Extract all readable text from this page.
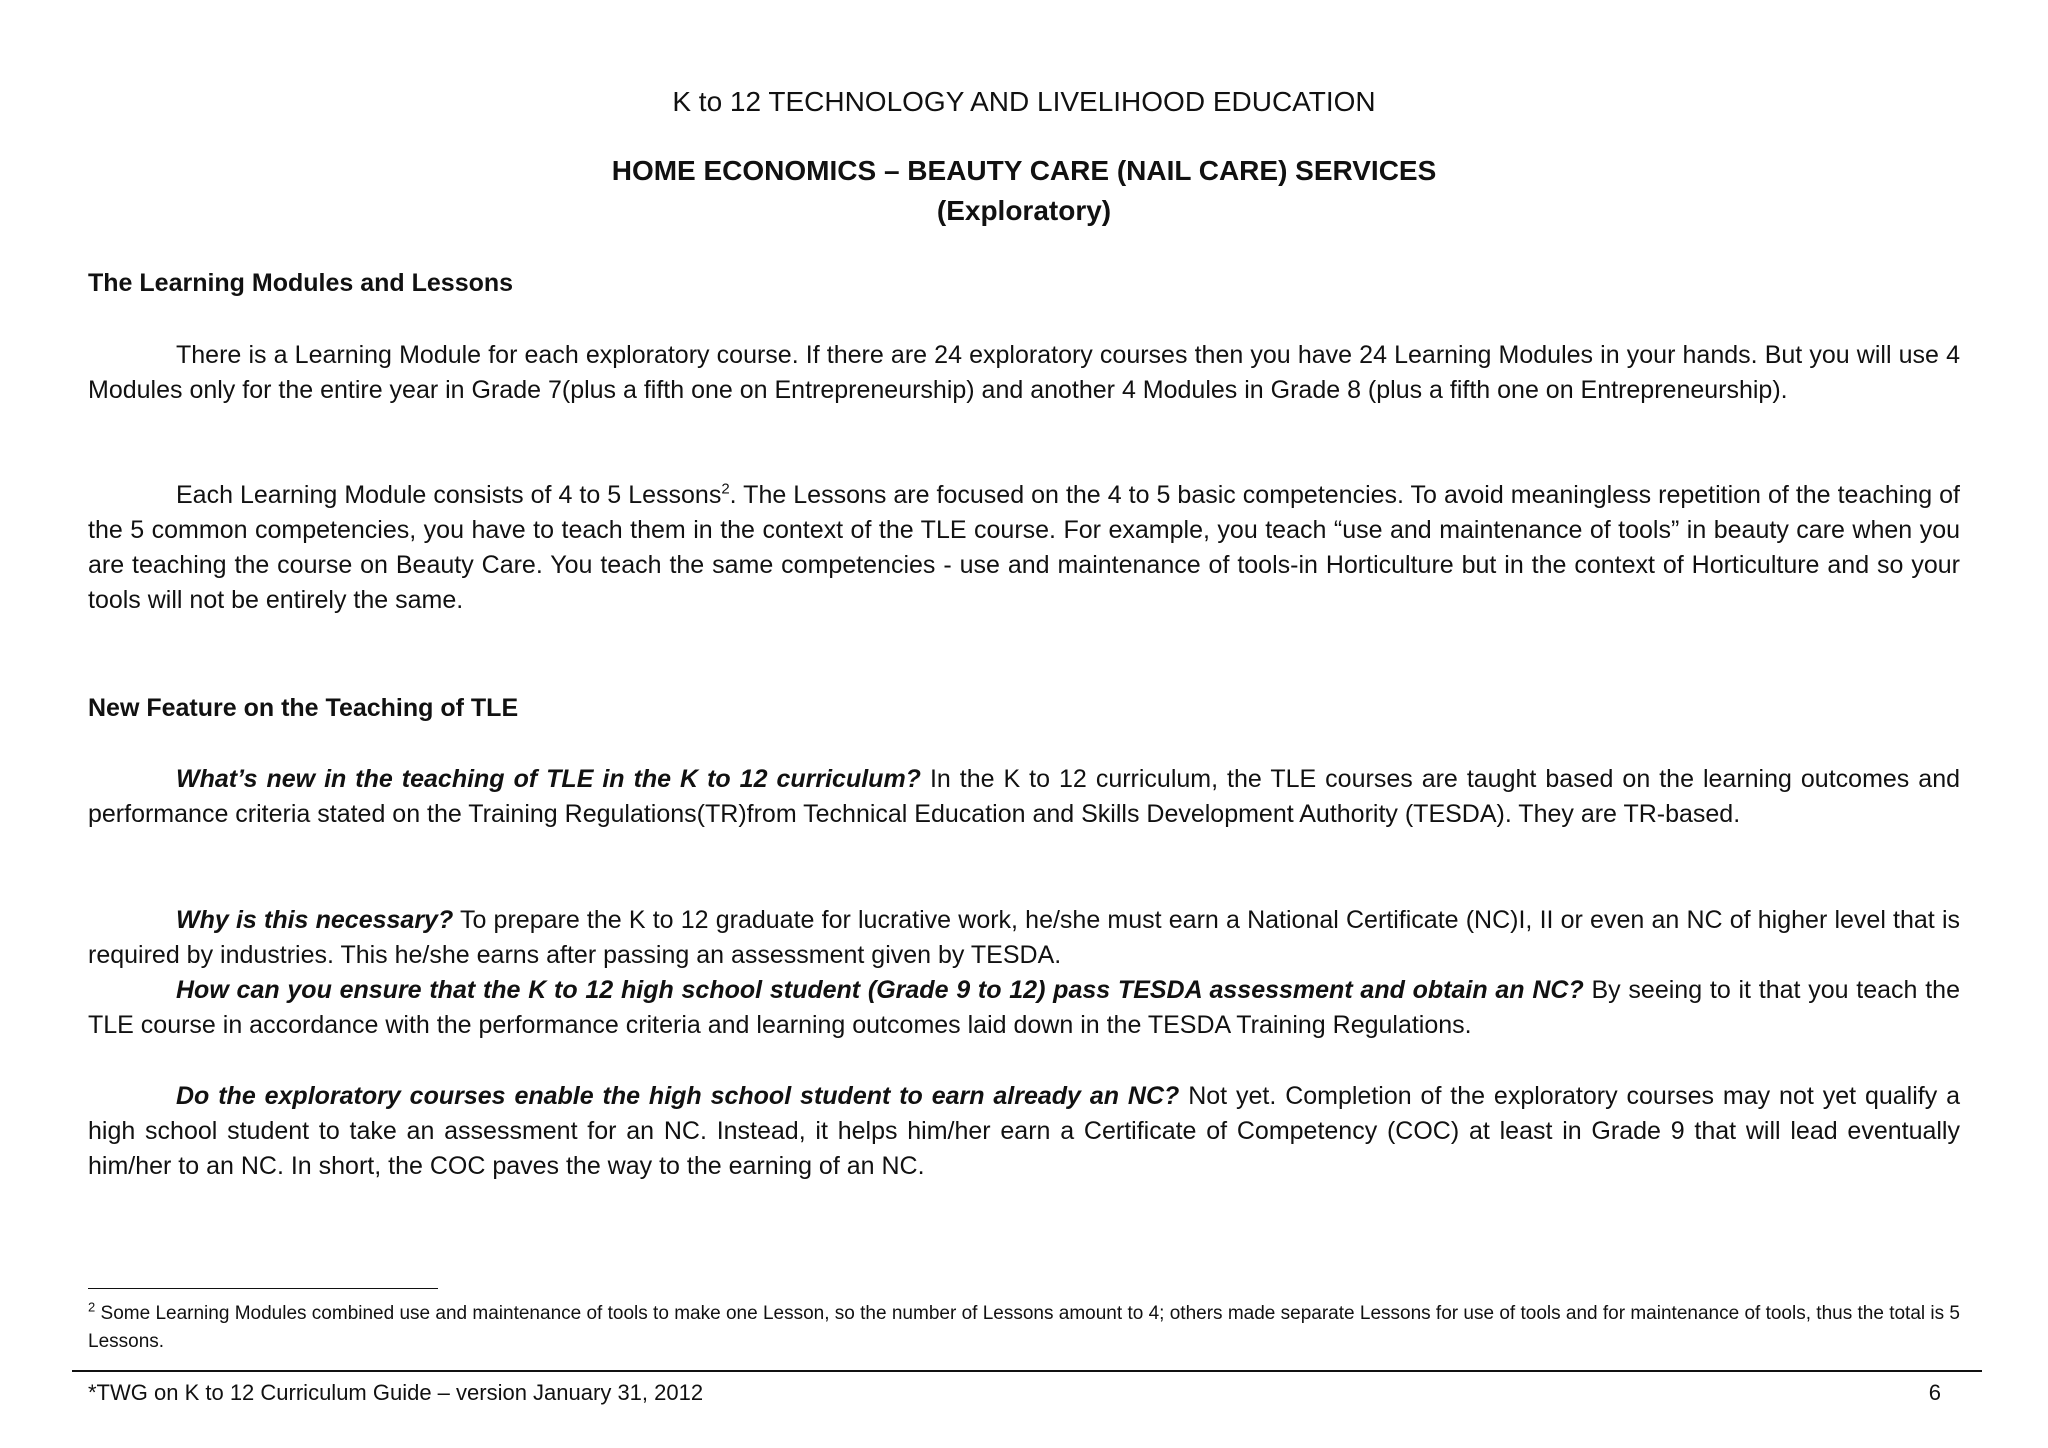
K to 12 TECHNOLOGY AND LIVELIHOOD EDUCATION
HOME ECONOMICS – BEAUTY CARE (NAIL CARE) SERVICES
(Exploratory)
The Learning Modules and Lessons

There is a Learning Module for each exploratory course. If there are 24 exploratory courses then you have 24 Learning Modules in your hands. But you will use 4 Modules only for the entire year in Grade 7(plus a fifth one on Entrepreneurship) and another 4 Modules in Grade 8 (plus a fifth one on Entrepreneurship).

Each Learning Module consists of 4 to 5 Lessons$^2$. The Lessons are focused on the 4 to 5 basic competencies. To avoid meaningless repetition of the teaching of the 5 common competencies, you have to teach them in the context of the TLE course. For example, you teach “use and maintenance of tools” in beauty care when you are teaching the course on Beauty Care. You teach the same competencies - use and maintenance of tools-in Horticulture but in the context of Horticulture and so your tools will not be entirely the same.

New Feature on the Teaching of TLE

What’s new in the teaching of TLE in the K to 12 curriculum? In the K to 12 curriculum, the TLE courses are taught based on the learning outcomes and performance criteria stated on the Training Regulations(TR)from Technical Education and Skills Development Authority (TESDA). They are TR-based.

Why is this necessary? To prepare the K to 12 graduate for lucrative work, he/she must earn a National Certificate (NC)I, II or even an NC of higher level that is required by industries. This he/she earns after passing an assessment given by TESDA.

How can you ensure that the K to 12 high school student (Grade 9 to 12) pass TESDA assessment and obtain an NC? By seeing to it that you teach the TLE course in accordance with the performance criteria and learning outcomes laid down in the TESDA Training Regulations.

Do the exploratory courses enable the high school student to earn already an NC? Not yet. Completion of the exploratory courses may not yet qualify a high school student to take an assessment for an NC. Instead, it helps him/her earn a Certificate of Competency (COC) at least in Grade 9 that will lead eventually him/her to an NC. In short, the COC paves the way to the earning of an NC.

$^2$ Some Learning Modules combined use and maintenance of tools to make one Lesson, so the number of Lessons amount to 4; others made separate Lessons for use of tools and for maintenance of tools, thus the total is 5 Lessons.
*TWG on K to 12 Curriculum Guide – version January 31, 2012	6
